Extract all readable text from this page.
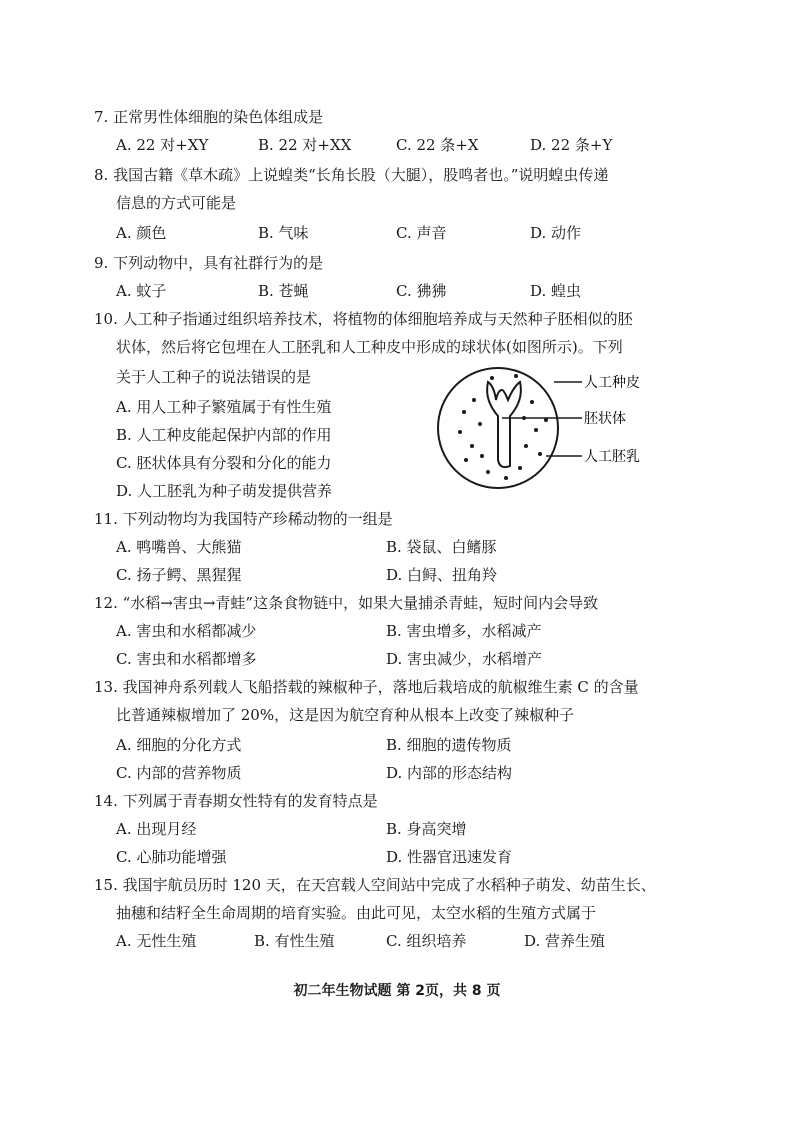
7. 正常男性体细胞的染色体组成是
A. 22 对+XY	B. 22 对+XX	C. 22 条+X	D. 22 条+Y
8. 我国古籍《草木疏》上说蝗类“长角长股（大腿），股鸣者也。”说明蝗虫传递
信息的方式可能是
A. 颜色	B. 气味	C. 声音	D. 动作
9. 下列动物中，具有社群行为的是
A. 蚊子	B. 苍蝇	C. 狒狒	D. 蝗虫
10. 人工种子指通过组织培养技术，将植物的体细胞培养成与天然种子胚相似的胚
状体，然后将它包埋在人工胚乳和人工种皮中形成的球状体(如图所示)。下列
关于人工种子的说法错误的是
A. 用人工种子繁殖属于有性生殖
B. 人工种皮能起保护内部的作用
C. 胚状体具有分裂和分化的能力
D. 人工胚乳为种子萌发提供营养
人工种皮
胚状体
人工胚乳
11. 下列动物均为我国特产珍稀动物的一组是
A. 鸭嘴兽、大熊猫	B. 袋鼠、白鳍豚
C. 扬子鳄、黑猩猩	D. 白鲟、扭角羚
12. “水稻→害虫→青蛙”这条食物链中，如果大量捕杀青蛙，短时间内会导致
A. 害虫和水稻都减少	B. 害虫增多，水稻减产
C. 害虫和水稻都增多	D. 害虫减少，水稻增产
13. 我国神舟系列载人飞船搭载的辣椒种子，落地后栽培成的航椒维生素 C 的含量
比普通辣椒增加了 20%，这是因为航空育种从根本上改变了辣椒种子
A. 细胞的分化方式	B. 细胞的遗传物质
C. 内部的营养物质	D. 内部的形态结构
14. 下列属于青春期女性特有的发育特点是
A. 出现月经	B. 身高突增
C. 心肺功能增强	D. 性器官迅速发育
15. 我国宇航员历时 120 天，在天宫载人空间站中完成了水稻种子萌发、幼苗生长、
抽穗和结籽全生命周期的培育实验。由此可见，太空水稻的生殖方式属于
A. 无性生殖	B. 有性生殖	C. 组织培养	D. 营养生殖
初二年生物试题 第 2页，共 8 页
